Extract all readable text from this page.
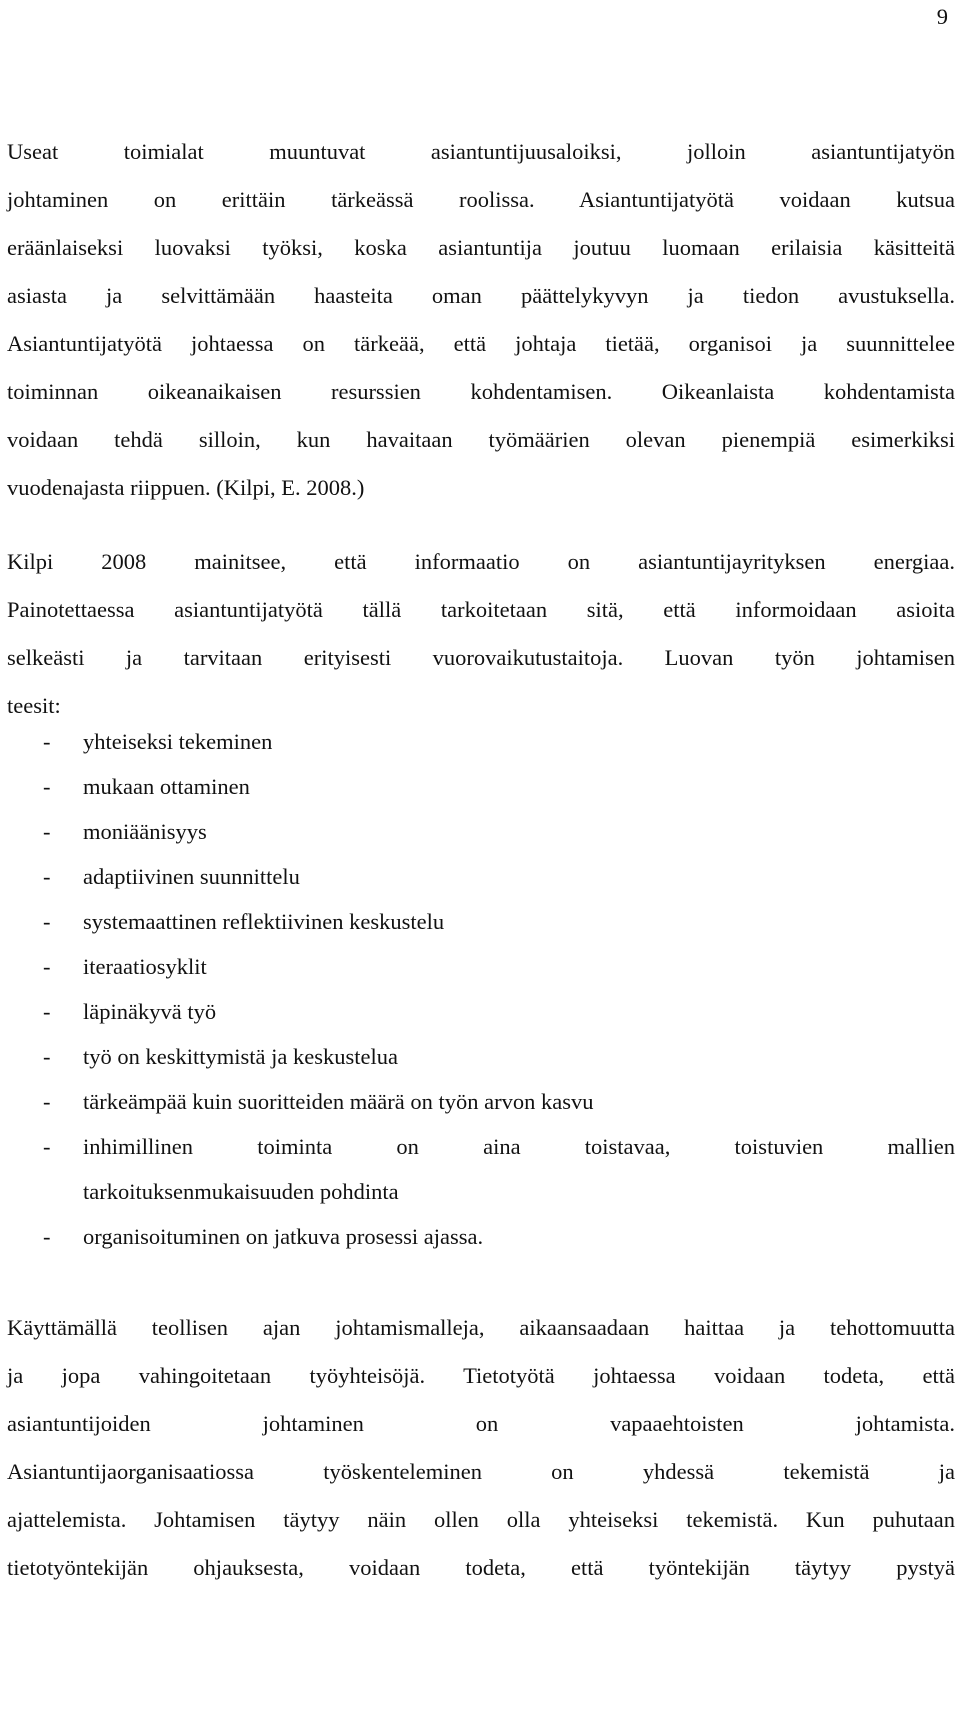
9
Useat toimialat muuntuvat asiantuntijuusaloiksi, jolloin asiantuntijatyön
johtaminen on erittäin tärkeässä roolissa. Asiantuntijatyötä voidaan kutsua
eräänlaiseksi luovaksi työksi, koska asiantuntija joutuu luomaan erilaisia käsitteitä
asiasta ja selvittämään haasteita oman päättelykyvyn ja tiedon avustuksella.
Asiantuntijatyötä johtaessa on tärkeää, että johtaja tietää, organisoi ja suunnittelee
toiminnan oikeanaikaisen resurssien kohdentamisen. Oikeanlaista kohdentamista
voidaan tehdä silloin, kun havaitaan työmäärien olevan pienempiä esimerkiksi
vuodenajasta riippuen. (Kilpi, E. 2008.)
Kilpi 2008 mainitsee, että informaatio on asiantuntijayrityksen energiaa.
Painotettaessa asiantuntijatyötä tällä tarkoitetaan sitä, että informoidaan asioita
selkeästi ja tarvitaan erityisesti vuorovaikutustaitoja. Luovan työn johtamisen
teesit:
- yhteiseksi tekeminen
- mukaan ottaminen
- moniäänisyys
- adaptiivinen suunnittelu
- systemaattinen reflektiivinen keskustelu
- iteraatiosyklit
- läpinäkyvä työ
- työ on keskittymistä ja keskustelua
- tärkeämpää kuin suoritteiden määrä on työn arvon kasvu
- inhimillinen toiminta on aina toistavaa, toistuvien mallien
tarkoituksenmukaisuuden pohdinta
- organisoituminen on jatkuva prosessi ajassa.
Käyttämällä teollisen ajan johtamismalleja, aikaansaadaan haittaa ja tehottomuutta
ja jopa vahingoitetaan työyhteisöjä. Tietotyötä johtaessa voidaan todeta, että
asiantuntijoiden johtaminen on vapaaehtoisten johtamista.
Asiantuntijaorganisaatiossa työskenteleminen on yhdessä tekemistä ja
ajattelemista. Johtamisen täytyy näin ollen olla yhteiseksi tekemistä. Kun puhutaan
tietotyöntekijän ohjauksesta, voidaan todeta, että työntekijän täytyy pystyä
